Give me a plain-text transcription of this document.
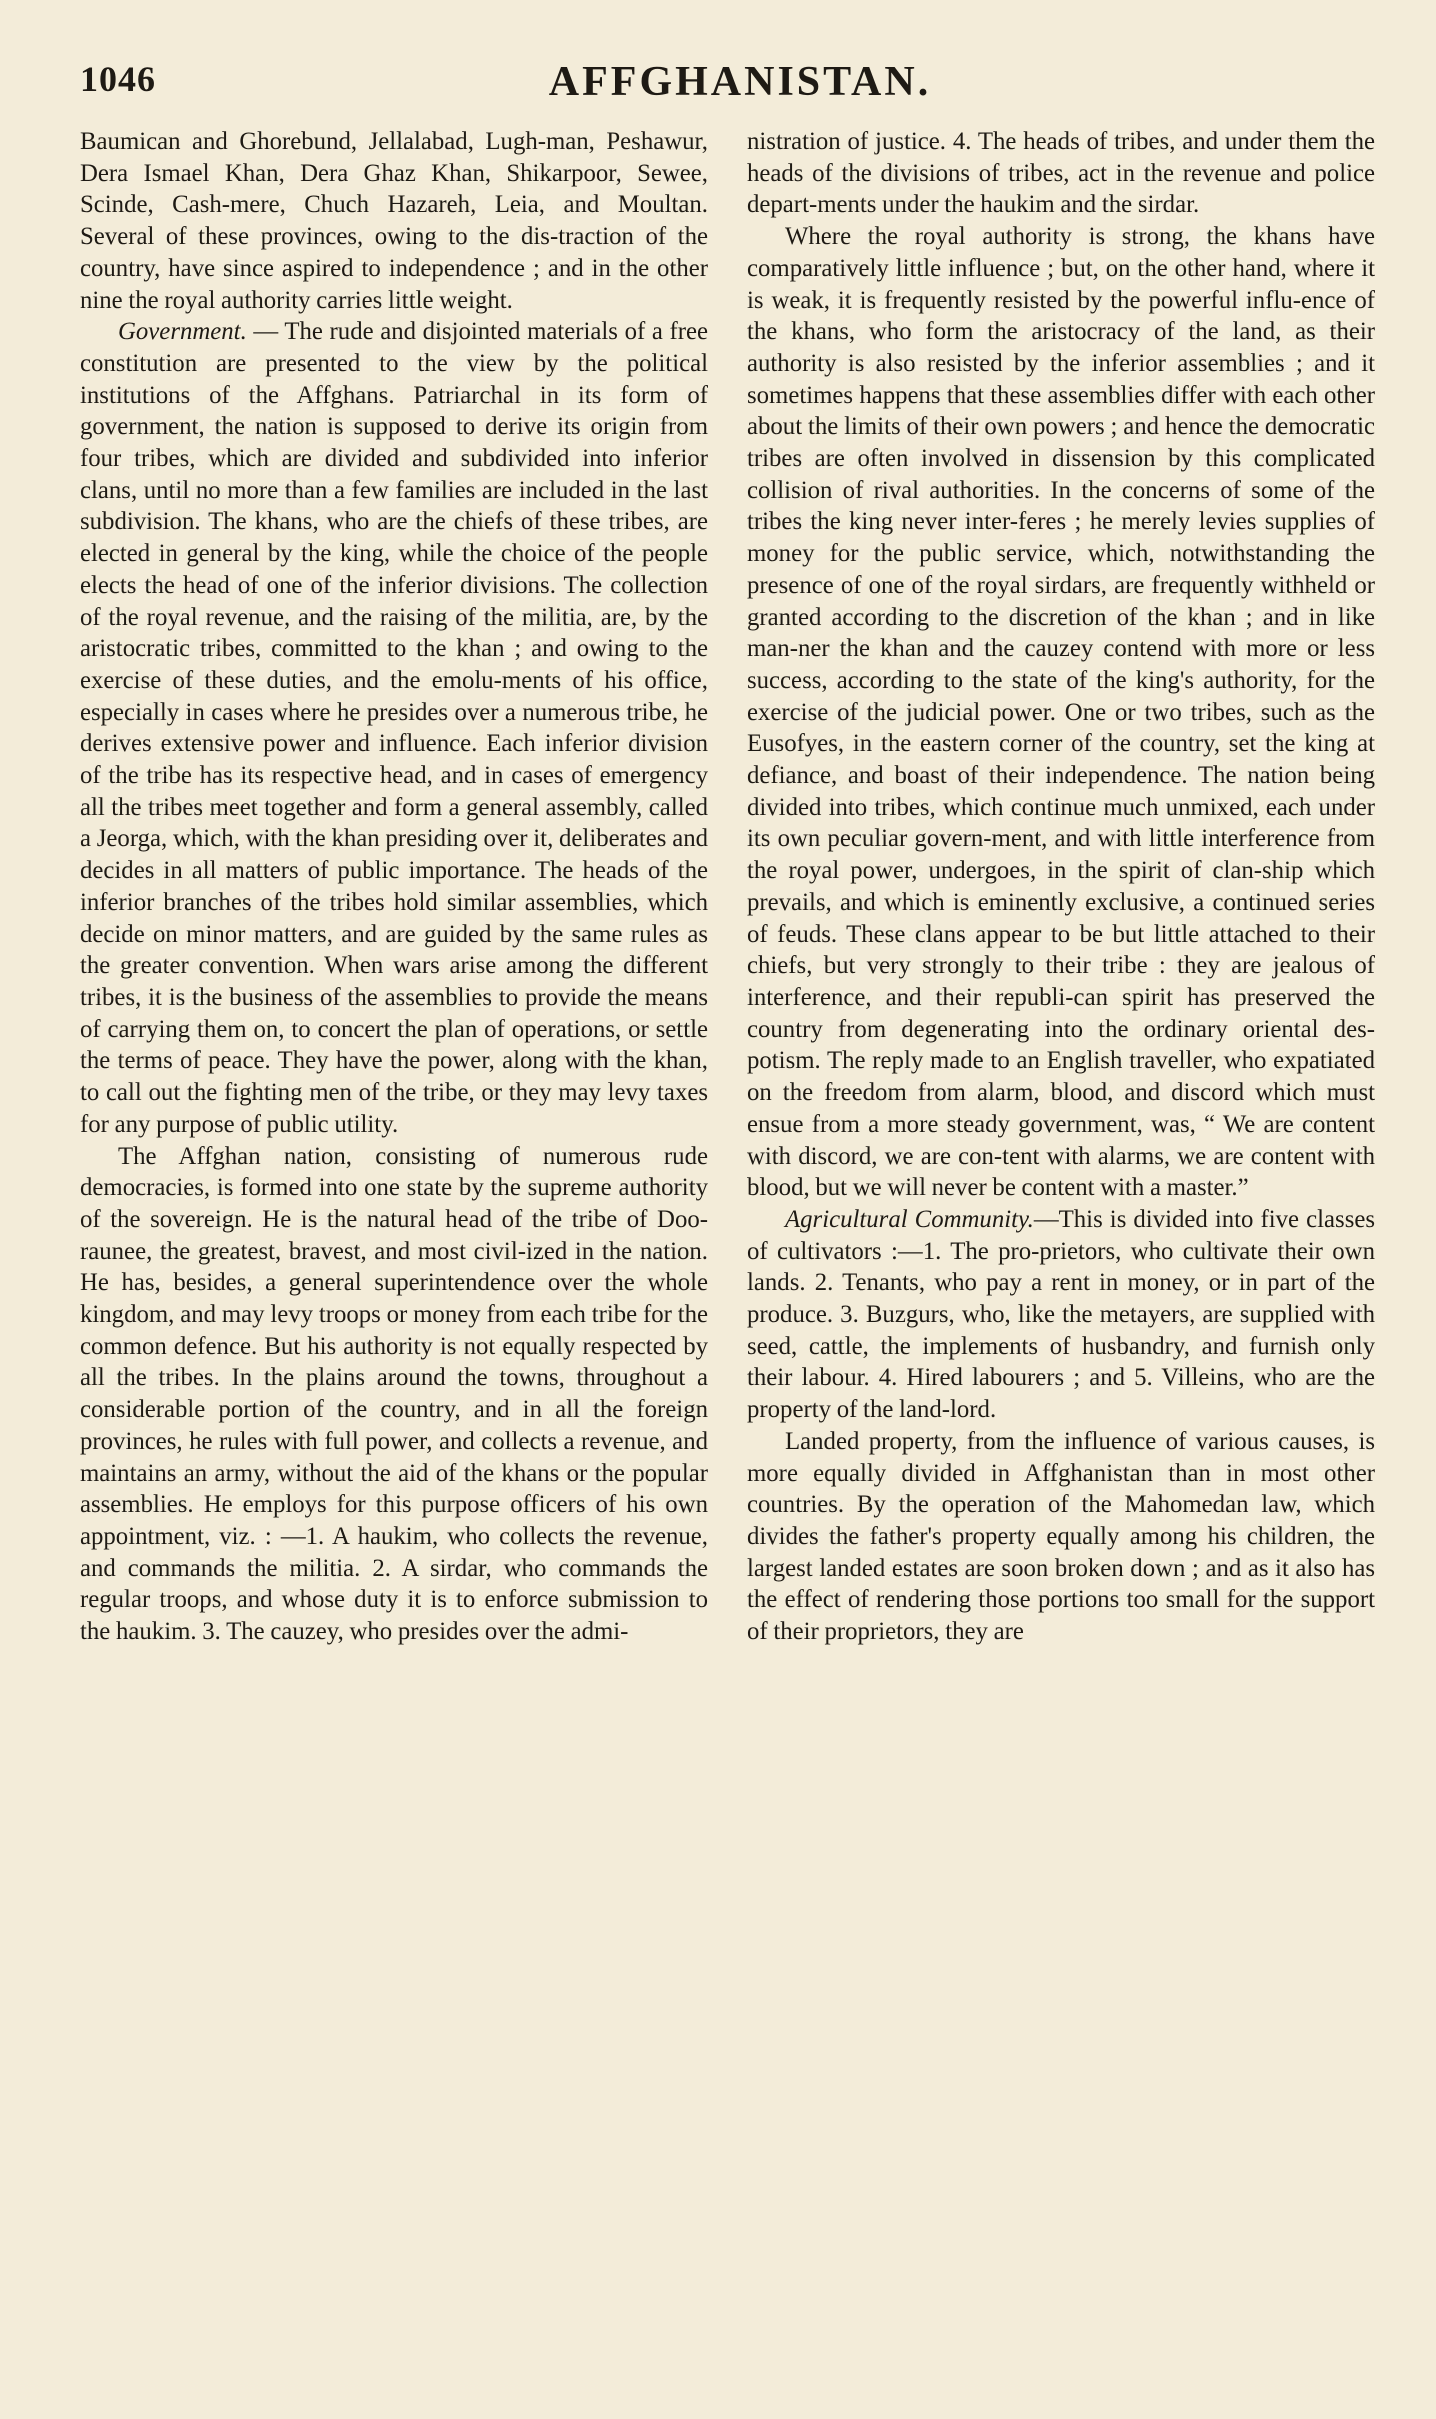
1046	AFFGHANISTAN.

Baumican and Ghorebund, Jellalabad, Lugh-man, Peshawur, Dera Ismael Khan, Dera Ghaz Khan, Shikarpoor, Sewee, Scinde, Cash-mere, Chuch Hazareh, Leia, and Moultan. Several of these provinces, owing to the dis-traction of the country, have since aspired to independence ; and in the other nine the royal authority carries little weight.

Government. — The rude and disjointed materials of a free constitution are presented to the view by the political institutions of the Affghans. Patriarchal in its form of government, the nation is supposed to derive its origin from four tribes, which are divided and subdivided into inferior clans, until no more than a few families are included in the last subdivision. The khans, who are the chiefs of these tribes, are elected in general by the king, while the choice of the people elects the head of one of the inferior divisions. The collection of the royal revenue, and the raising of the militia, are, by the aristocratic tribes, committed to the khan ; and owing to the exercise of these duties, and the emolu-ments of his office, especially in cases where he presides over a numerous tribe, he derives extensive power and influence. Each inferior division of the tribe has its respective head, and in cases of emergency all the tribes meet together and form a general assembly, called a Jeorga, which, with the khan presiding over it, deliberates and decides in all matters of public importance. The heads of the inferior branches of the tribes hold similar assemblies, which decide on minor matters, and are guided by the same rules as the greater convention. When wars arise among the different tribes, it is the business of the assemblies to provide the means of carrying them on, to concert the plan of operations, or settle the terms of peace. They have the power, along with the khan, to call out the fighting men of the tribe, or they may levy taxes for any purpose of public utility.

The Affghan nation, consisting of numerous rude democracies, is formed into one state by the supreme authority of the sovereign. He is the natural head of the tribe of Doo-raunee, the greatest, bravest, and most civil-ized in the nation. He has, besides, a general superintendence over the whole kingdom, and may levy troops or money from each tribe for the common defence. But his authority is not equally respected by all the tribes. In the plains around the towns, throughout a considerable portion of the country, and in all the foreign provinces, he rules with full power, and collects a revenue, and maintains an army, without the aid of the khans or the popular assemblies. He employs for this purpose officers of his own appointment, viz. : —1. A haukim, who collects the revenue, and commands the militia. 2. A sirdar, who commands the regular troops, and whose duty it is to enforce submission to the haukim. 3. The cauzey, who presides over the admi-

nistration of justice. 4. The heads of tribes, and under them the heads of the divisions of tribes, act in the revenue and police depart-ments under the haukim and the sirdar.

Where the royal authority is strong, the khans have comparatively little influence ; but, on the other hand, where it is weak, it is frequently resisted by the powerful influ-ence of the khans, who form the aristocracy of the land, as their authority is also resisted by the inferior assemblies ; and it sometimes happens that these assemblies differ with each other about the limits of their own powers ; and hence the democratic tribes are often involved in dissension by this complicated collision of rival authorities. In the concerns of some of the tribes the king never inter-feres ; he merely levies supplies of money for the public service, which, notwithstanding the presence of one of the royal sirdars, are frequently withheld or granted according to the discretion of the khan ; and in like man-ner the khan and the cauzey contend with more or less success, according to the state of the king's authority, for the exercise of the judicial power. One or two tribes, such as the Eusofyes, in the eastern corner of the country, set the king at defiance, and boast of their independence. The nation being divided into tribes, which continue much unmixed, each under its own peculiar govern-ment, and with little interference from the royal power, undergoes, in the spirit of clan-ship which prevails, and which is eminently exclusive, a continued series of feuds. These clans appear to be but little attached to their chiefs, but very strongly to their tribe : they are jealous of interference, and their republi-can spirit has preserved the country from degenerating into the ordinary oriental des-potism. The reply made to an English traveller, who expatiated on the freedom from alarm, blood, and discord which must ensue from a more steady government, was, “ We are content with discord, we are con-tent with alarms, we are content with blood, but we will never be content with a master.”

Agricultural Community.—This is divided into five classes of cultivators :—1. The pro-prietors, who cultivate their own lands. 2. Tenants, who pay a rent in money, or in part of the produce. 3. Buzgurs, who, like the metayers, are supplied with seed, cattle, the implements of husbandry, and furnish only their labour. 4. Hired labourers ; and 5. Villeins, who are the property of the land-lord.

Landed property, from the influence of various causes, is more equally divided in Affghanistan than in most other countries. By the operation of the Mahomedan law, which divides the father's property equally among his children, the largest landed estates are soon broken down ; and as it also has the effect of rendering those portions too small for the support of their proprietors, they are
